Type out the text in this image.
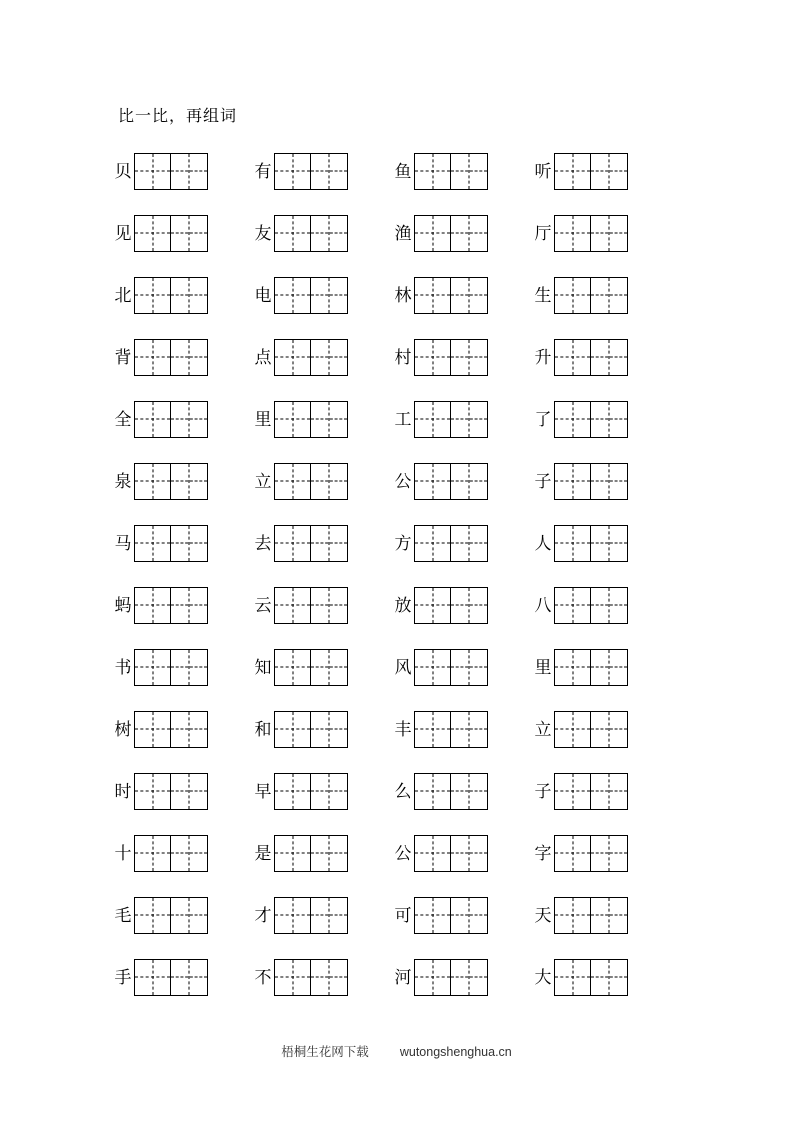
比一比，再组词
贝	有	鱼	听
见	友	渔	厅
北	电	林	生
背	点	村	升
全	里	工	了
泉	立	公	子
马	去	方	人
蚂	云	放	八
书	知	风	里
树	和	丰	立
时	早	么	子
十	是	公	字
毛	才	可	天
手	不	河	大
梧桐生花网下载 wutongshenghua.cn
